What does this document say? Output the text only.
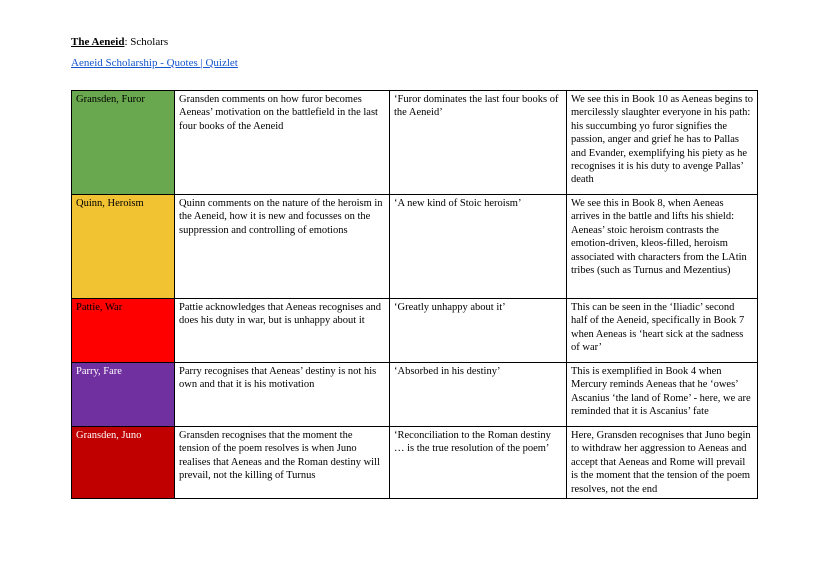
The Aeneid: Scholars
Aeneid Scholarship - Quotes | Quizlet
Gransden, Furor	Gransden comments on how furor becomes Aeneas’ motivation on the battlefield in the last four books of the Aeneid	‘Furor dominates the last four books of the Aeneid’	We see this in Book 10 as Aeneas begins to mercilessly slaughter everyone in his path: his succumbing yo furor signifies the passion, anger and grief he has to Pallas and Evander, exemplifying his piety as he recognises it is his duty to avenge Pallas’ death
Quinn, Heroism	Quinn comments on the nature of the heroism in the Aeneid, how it is new and focusses on the suppression and controlling of emotions	‘A new kind of Stoic heroism’	We see this in Book 8, when Aeneas arrives in the battle and lifts his shield: Aeneas’ stoic heroism contrasts the emotion-driven, kleos-filled, heroism associated with characters from the LAtin tribes (such as Turnus and Mezentius)
Pattie, War	Pattie acknowledges that Aeneas recognises and does his duty in war, but is unhappy about it	‘Greatly unhappy about it’	This can be seen in the ‘Iliadic’ second half of the Aeneid, specifically in Book 7 when Aeneas is ‘heart sick at the sadness of war’
Parry, Fare	Parry recognises that Aeneas’ destiny is not his own and that it is his motivation	‘Absorbed in his destiny’	This is exemplified in Book 4 when Mercury reminds Aeneas that he ‘owes’ Ascanius ‘the land of Rome’ - here, we are reminded that it is Ascanius’ fate
Gransden, Juno	Gransden recognises that the moment the tension of the poem resolves is when Juno realises that Aeneas and the Roman destiny will prevail, not the killing of Turnus	‘Reconciliation to the Roman destiny … is the true resolution of the poem’	Here, Gransden recognises that Juno begin to withdraw her aggression to Aeneas and accept that Aeneas and Rome will prevail is the moment that the tension of the poem resolves, not the end
